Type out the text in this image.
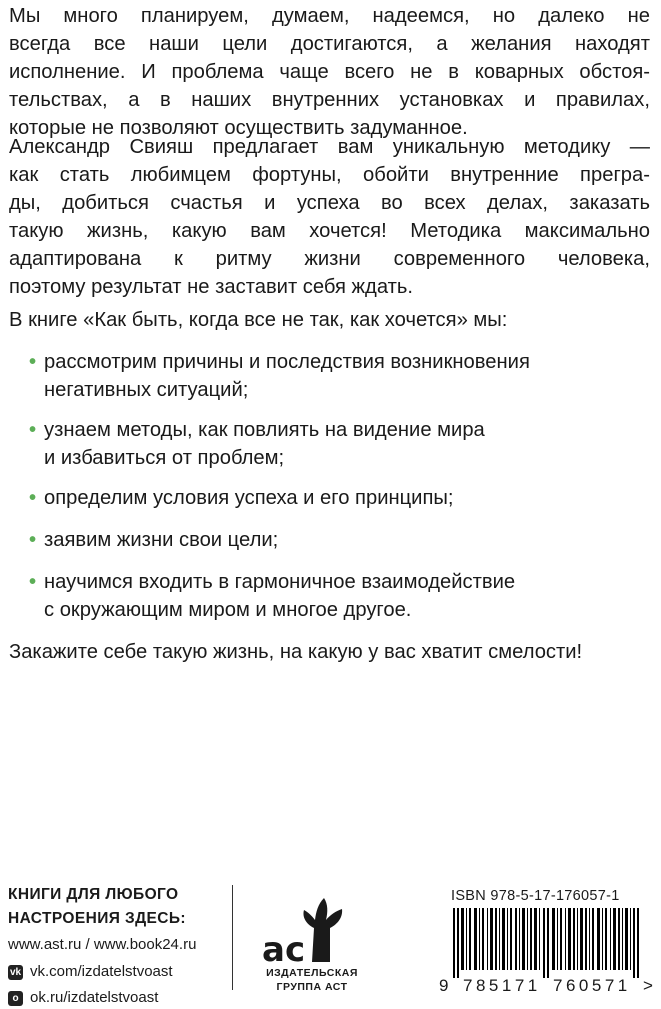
Мы много планируем, думаем, надеемся, но далеко не
всегда все наши цели достигаются, а желания находят
исполнение. И проблема чаще всего не в коварных обстоя-
тельствах, а в наших внутренних установках и правилах,
которые не позволяют осуществить задуманное.
Александр Свияш предлагает вам уникальную методику —
как стать любимцем фортуны, обойти внутренние прегра-
ды, добиться счастья и успеха во всех делах, заказать
такую жизнь, какую вам хочется! Методика максимально
адаптирована к ритму жизни современного человека,
поэтому результат не заставит себя ждать.
В книге «Как быть, когда все не так, как хочется» мы:
• рассмотрим причины и последствия возникновения
негативных ситуаций;
• узнаем методы, как повлиять на видение мира
и избавиться от проблем;
• определим условия успеха и его принципы;
• заявим жизни свои цели;
• научимся входить в гармоничное взаимодействие
с окружающим миром и многое другое.
Закажите себе такую жизнь, на какую у вас хватит смелости!
КНИГИ ДЛЯ ЛЮБОГО
НАСТРОЕНИЯ ЗДЕСЬ:
www.ast.ru / www.book24.ru
vk vk.com/izdatelstvoast
o ok.ru/izdatelstvoast
ас
ИЗДАТЕЛЬСКАЯ
ГРУППА АСТ
ISBN 978-5-17-176057-1
9 785171 760571 >
